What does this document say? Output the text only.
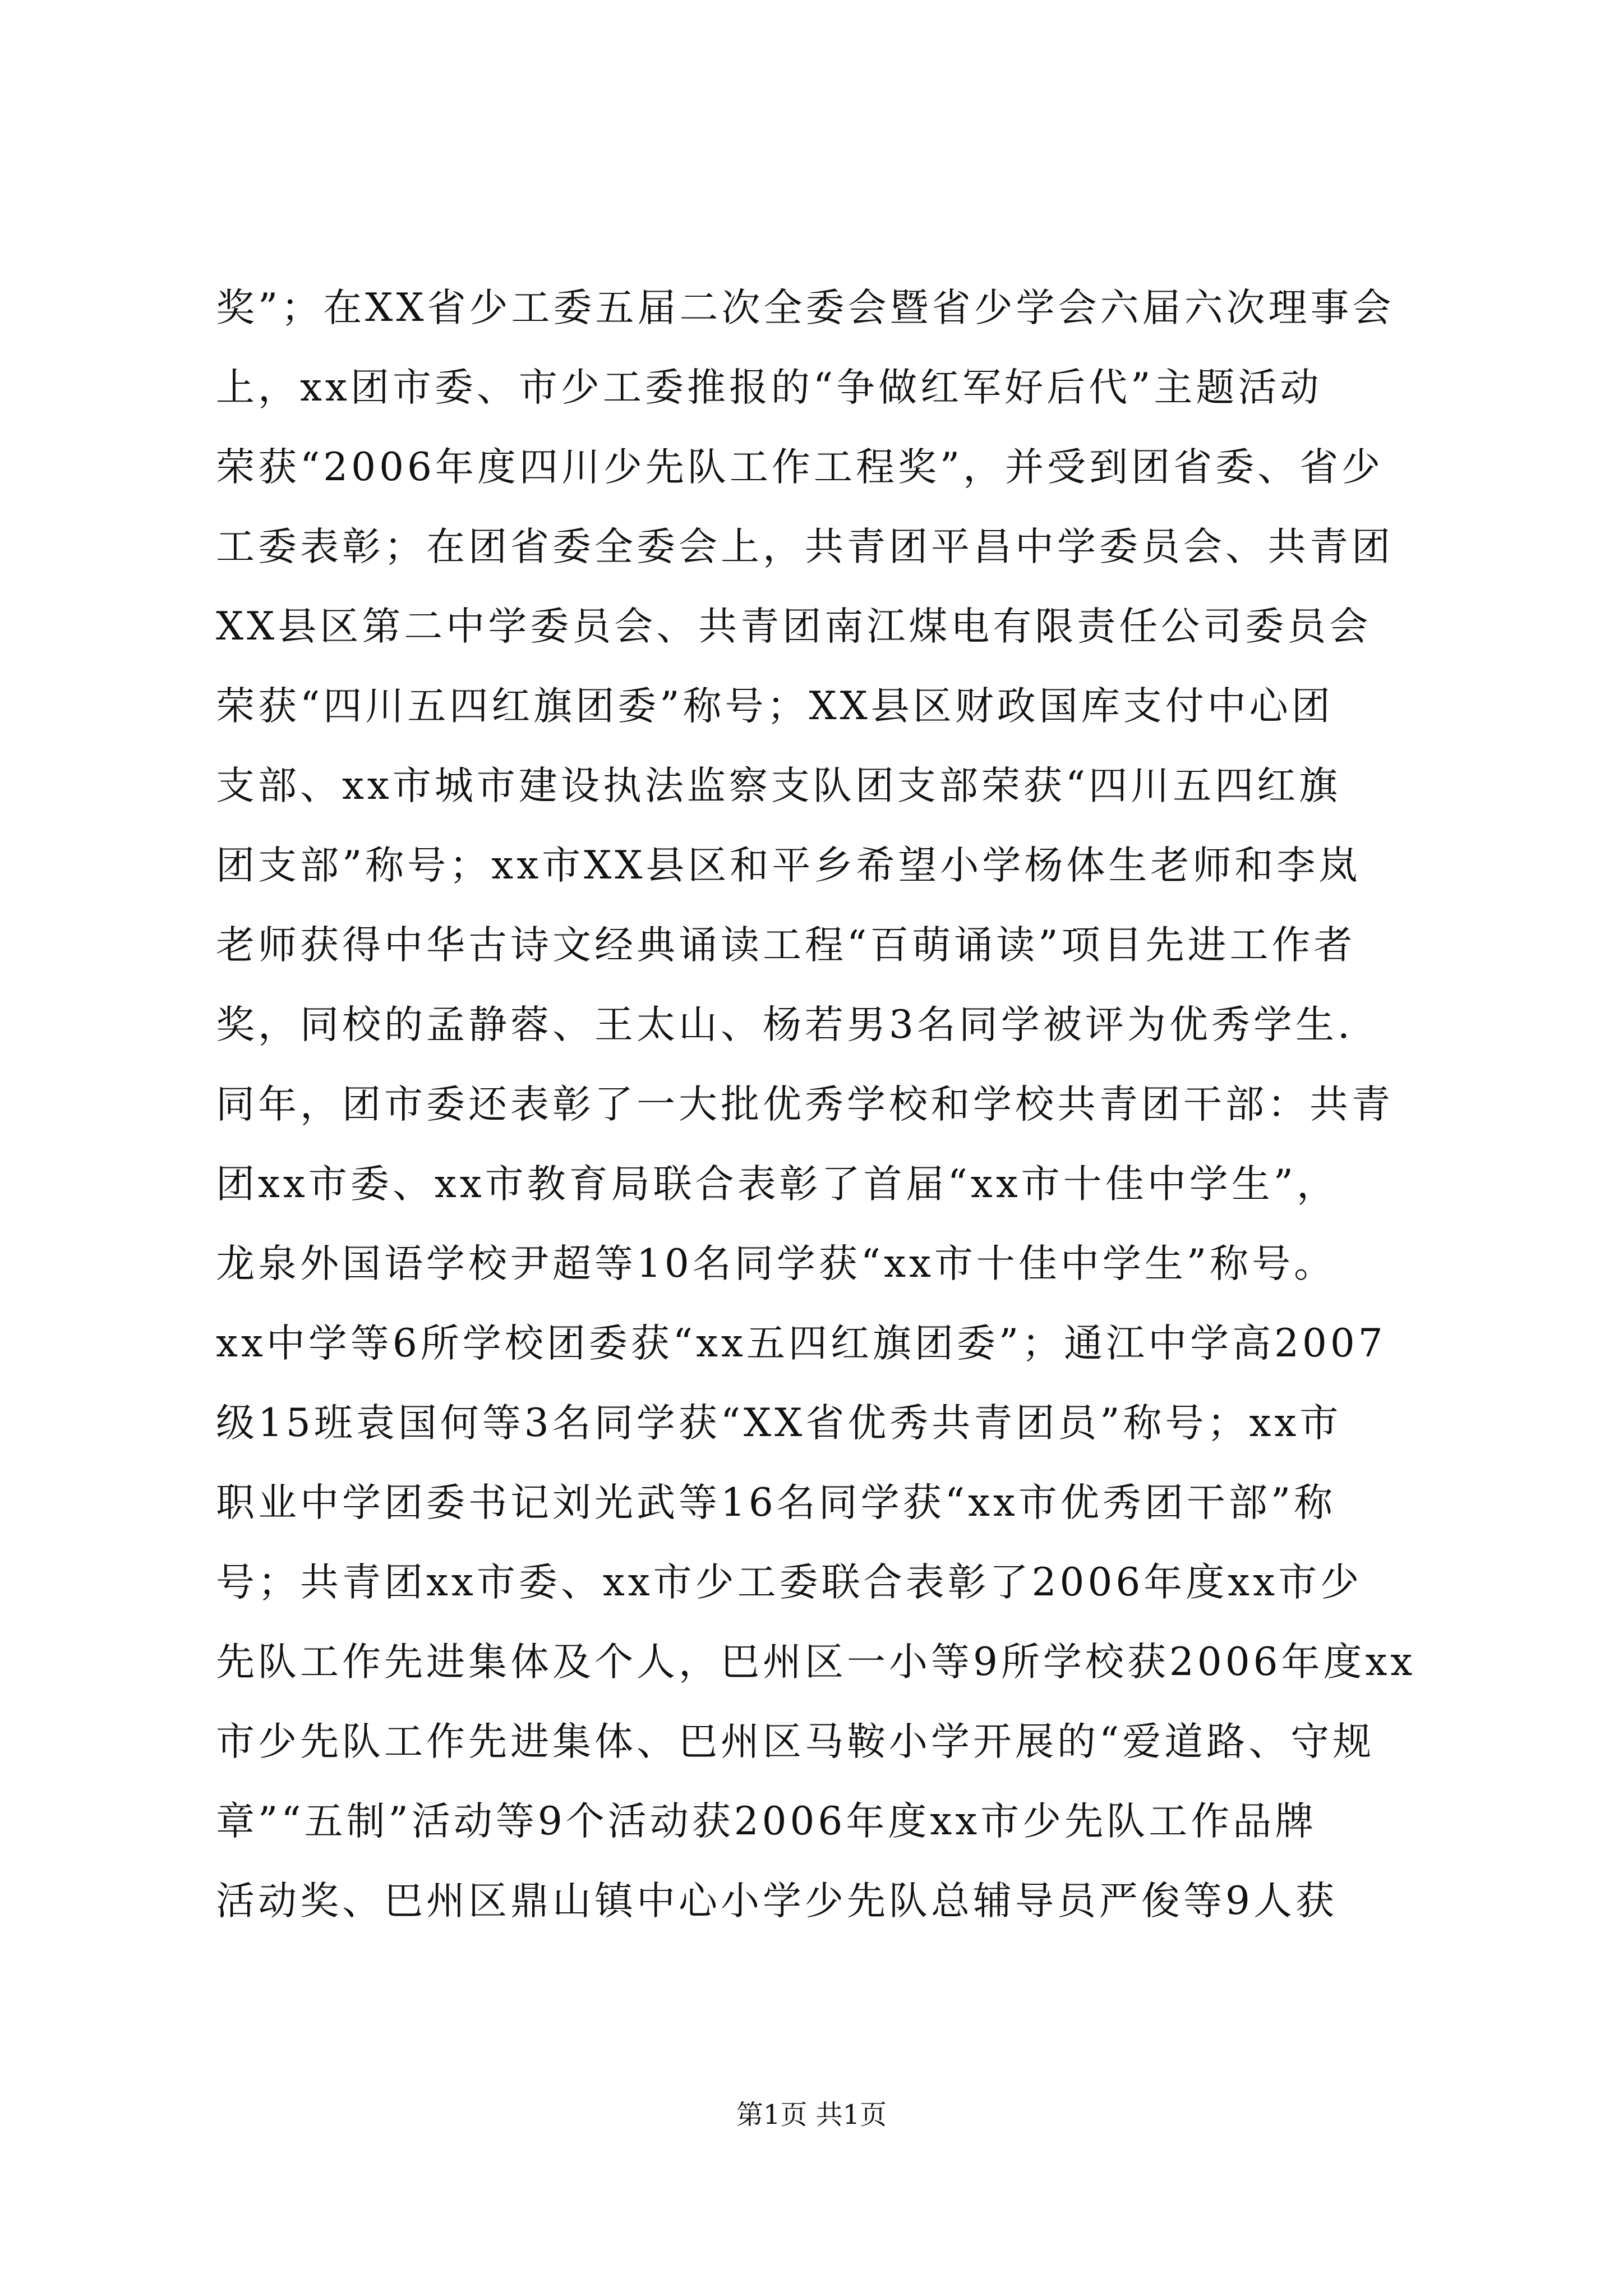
奖”；在XX省少工委五届二次全委会暨省少学会六届六次理事会
上，xx团市委、市少工委推报的“争做红军好后代”主题活动
荣获“2006年度四川少先队工作工程奖”，并受到团省委、省少
工委表彰；在团省委全委会上，共青团平昌中学委员会、共青团
XX县区第二中学委员会、共青团南江煤电有限责任公司委员会
荣获“四川五四红旗团委”称号；XX县区财政国库支付中心团
支部、xx市城市建设执法监察支队团支部荣获“四川五四红旗
团支部”称号；xx市XX县区和平乡希望小学杨体生老师和李岚
老师获得中华古诗文经典诵读工程“百萌诵读”项目先进工作者
奖，同校的孟静蓉、王太山、杨若男3名同学被评为优秀学生.
同年，团市委还表彰了一大批优秀学校和学校共青团干部：共青
团xx市委、xx市教育局联合表彰了首届“xx市十佳中学生”，
龙泉外国语学校尹超等10名同学获“xx市十佳中学生”称号。
xx中学等6所学校团委获“xx五四红旗团委”；通江中学高2007
级15班袁国何等3名同学获“XX省优秀共青团员”称号；xx市
职业中学团委书记刘光武等16名同学获“xx市优秀团干部”称
号；共青团xx市委、xx市少工委联合表彰了2006年度xx市少
先队工作先进集体及个人，巴州区一小等9所学校获2006年度xx
市少先队工作先进集体、巴州区马鞍小学开展的“爱道路、守规
章”“五制”活动等9个活动获2006年度xx市少先队工作品牌
活动奖、巴州区鼎山镇中心小学少先队总辅导员严俊等9人获
第1页 共1页
